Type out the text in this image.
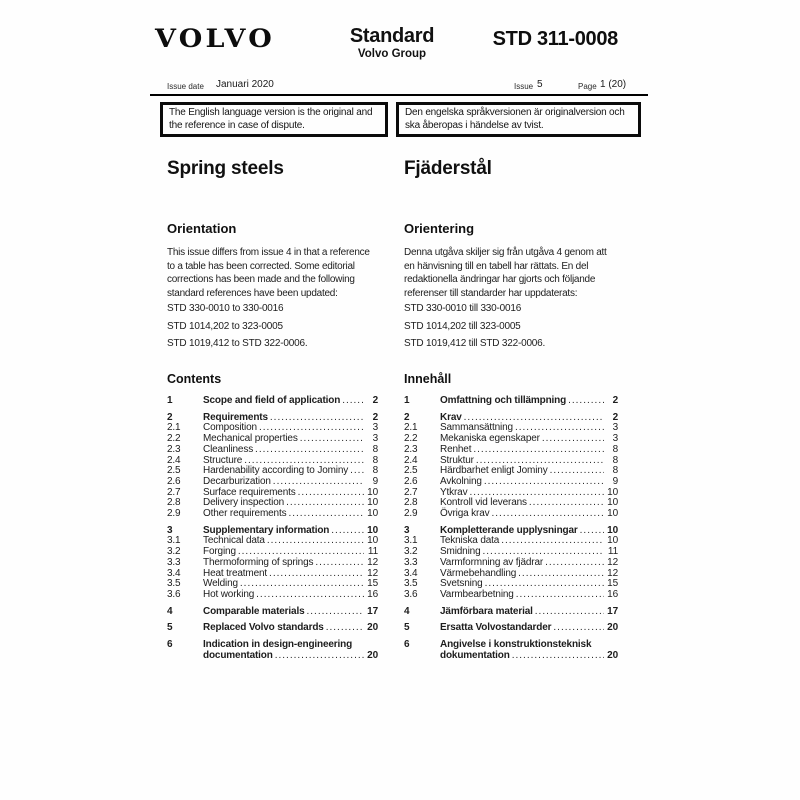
VOLVO	Standard
Volvo Group
STD 311-0008
Issue date Januari 2020	Issue 5	Page 1 (20)
The English language version is the original and
the reference in case of dispute.
Den engelska språkversionen är originalversion och
ska åberopas i händelse av tvist.
Spring steels	Fjäderstål
Orientation	Orientering
This issue differs from issue 4 in that a reference
to a table has been corrected. Some editorial
corrections has been made and the following
standard references have been updated:
Denna utgåva skiljer sig från utgåva 4 genom att
en hänvisning till en tabell har rättats. En del
redaktionella ändringar har gjorts och följande
referenser till standarder har uppdaterats:
STD 330-0010 to 330-0016
STD 1014,202 to 323-0005
STD 1019,412 to STD 322-0006.
STD 330-0010 till 330-0016
STD 1014,202 till 323-0005
STD 1019,412 till STD 322-0006.
Contents	Innehåll
1	Scope and field of application .....	2
2	Requirements .....	2
2.1	Composition .....	3
2.2	Mechanical properties .....	3
2.3	Cleanliness .....	8
2.4	Structure .....	8
2.5	Hardenability according to Jominy .....	8
2.6	Decarburization .....	9
2.7	Surface requirements .....	10
2.8	Delivery inspection .....	10
2.9	Other requirements .....	10
3	Supplementary information .....	10
3.1	Technical data .....	10
3.2	Forging .....	11
3.3	Thermoforming of springs .....	12
3.4	Heat treatment .....	12
3.5	Welding .....	15
3.6	Hot working .....	16
4	Comparable materials .....	17
5	Replaced Volvo standards .....	20
6	Indication in design-engineering
documentation .....	20
1	Omfattning och tillämpning .....	2
2	Krav .....	2
2.1	Sammansättning .....	3
2.2	Mekaniska egenskaper .....	3
2.3	Renhet .....	8
2.4	Struktur .....	8
2.5	Härdbarhet enligt Jominy .....	8
2.6	Avkolning .....	9
2.7	Ytkrav .....	10
2.8	Kontroll vid leverans .....	10
2.9	Övriga krav .....	10
3	Kompletterande upplysningar .....	10
3.1	Tekniska data .....	10
3.2	Smidning .....	11
3.3	Varmformning av fjädrar .....	12
3.4	Värmebehandling .....	12
3.5	Svetsning .....	15
3.6	Varmbearbetning .....	16
4	Jämförbara material .....	17
5	Ersatta Volvostandarder .....	20
6	Angivelse i konstruktionsteknisk
dokumentation .....	20
